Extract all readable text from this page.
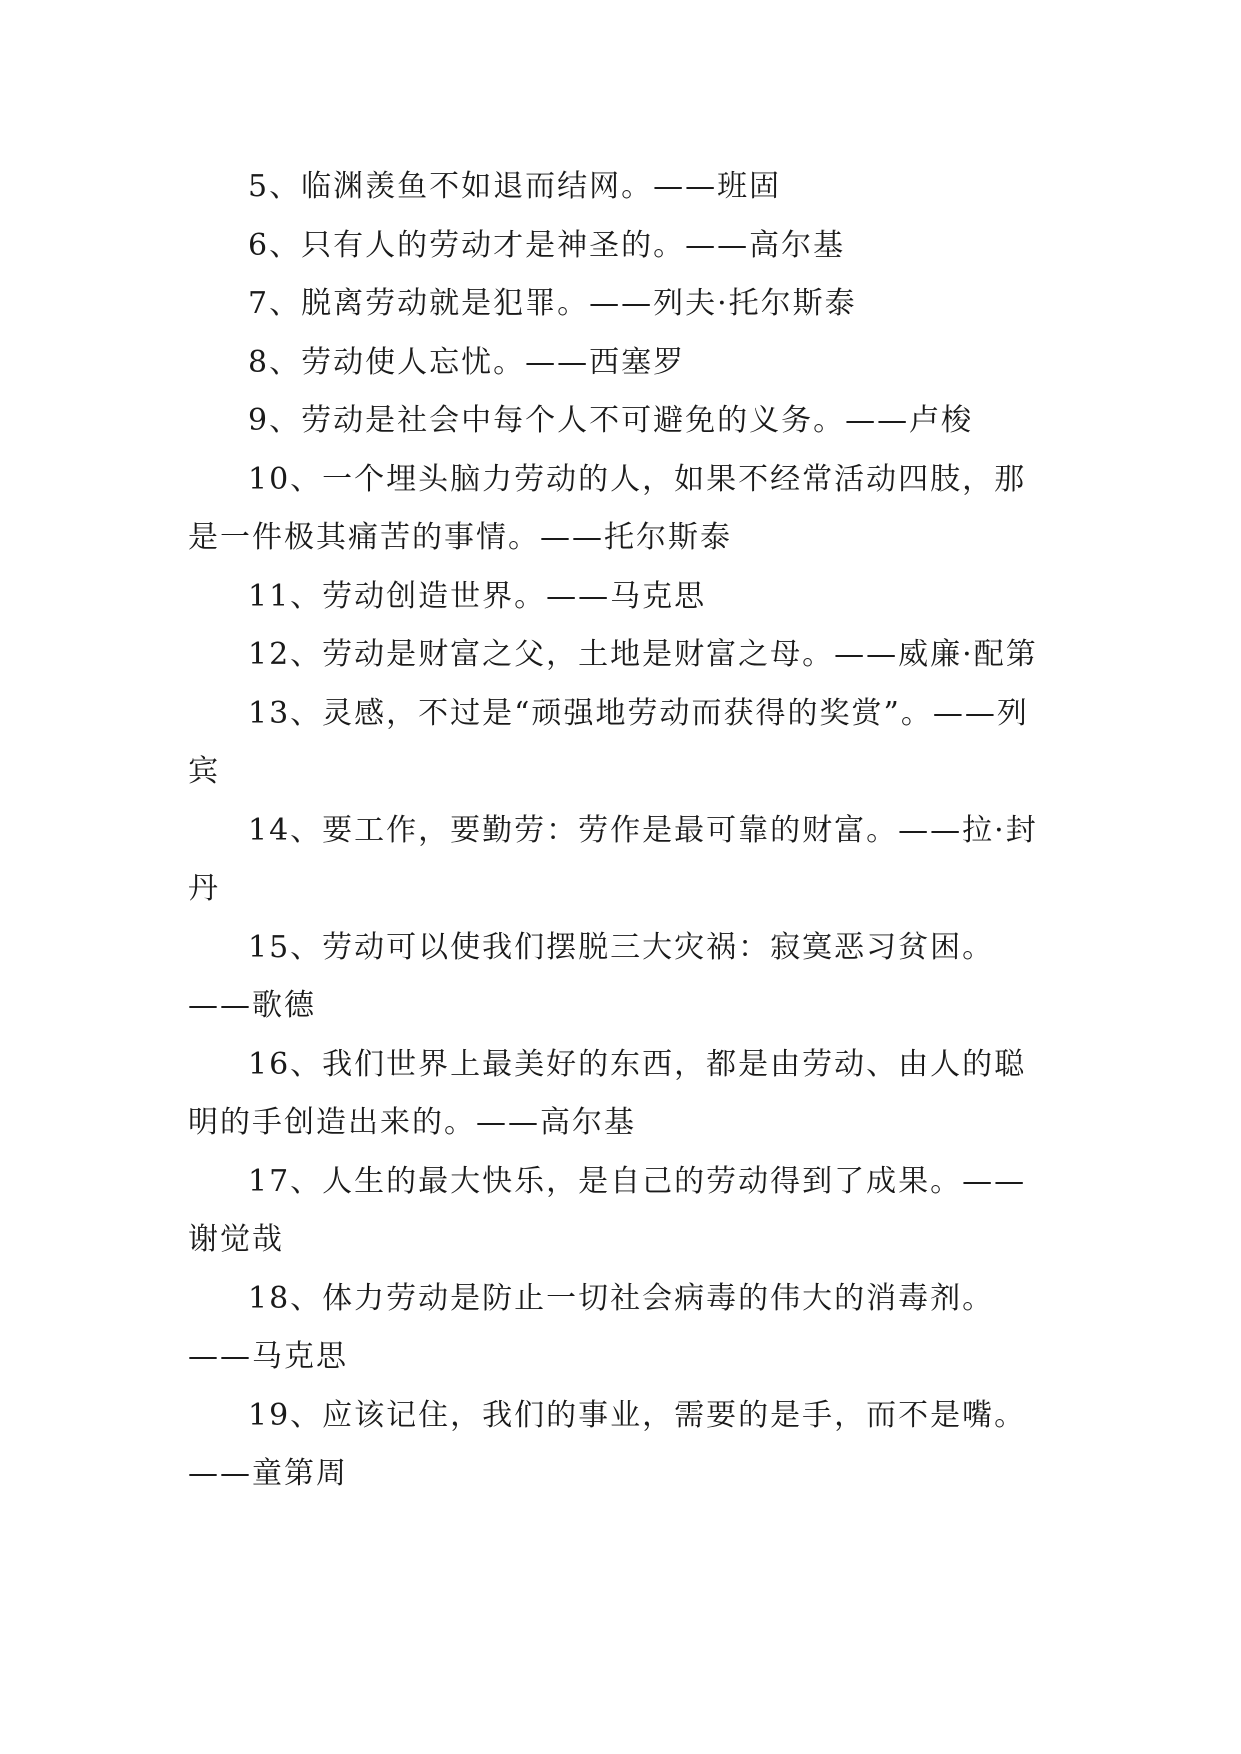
5、临渊羡鱼不如退而结网。——班固

6、只有人的劳动才是神圣的。——高尔基

7、脱离劳动就是犯罪。——列夫·托尔斯泰

8、劳动使人忘忧。——西塞罗

9、劳动是社会中每个人不可避免的义务。——卢梭

10、一个埋头脑力劳动的人，如果不经常活动四肢，那是一件极其痛苦的事情。——托尔斯泰

11、劳动创造世界。——马克思

12、劳动是财富之父，土地是财富之母。——威廉·配第

13、灵感，不过是“顽强地劳动而获得的奖赏”。——列宾

14、要工作，要勤劳：劳作是最可靠的财富。——拉·封丹

15、劳动可以使我们摆脱三大灾祸：寂寞恶习贫困。——歌德

16、我们世界上最美好的东西，都是由劳动、由人的聪明的手创造出来的。——高尔基

17、人生的最大快乐，是自己的劳动得到了成果。——谢觉哉

18、体力劳动是防止一切社会病毒的伟大的消毒剂。——马克思

19、应该记住，我们的事业，需要的是手，而不是嘴。——童第周
